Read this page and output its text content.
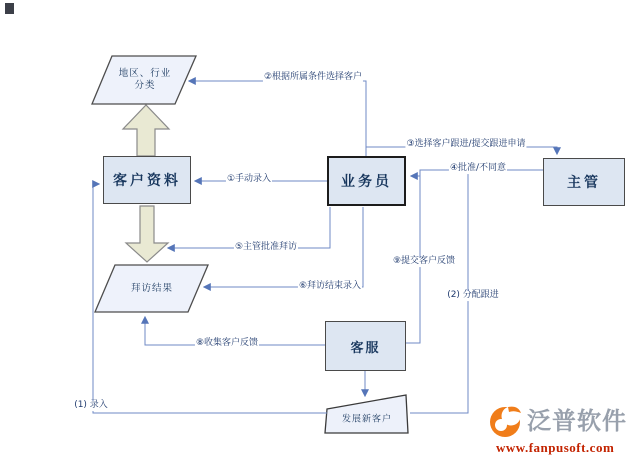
客户资料	业务员	主管
客服
地区、行业
分类
拜访结果
发展新客户
②根据所属条件选择客户
①手动录入
③选择客户跟进/提交跟进申请
④批准/不同意
⑤主管批准拜访
⑥拜访结束录入
⑧收集客户反馈
⑨提交客户反馈
(2) 分配跟进
(1) 录入
泛普软件
www.fanpusoft.com
